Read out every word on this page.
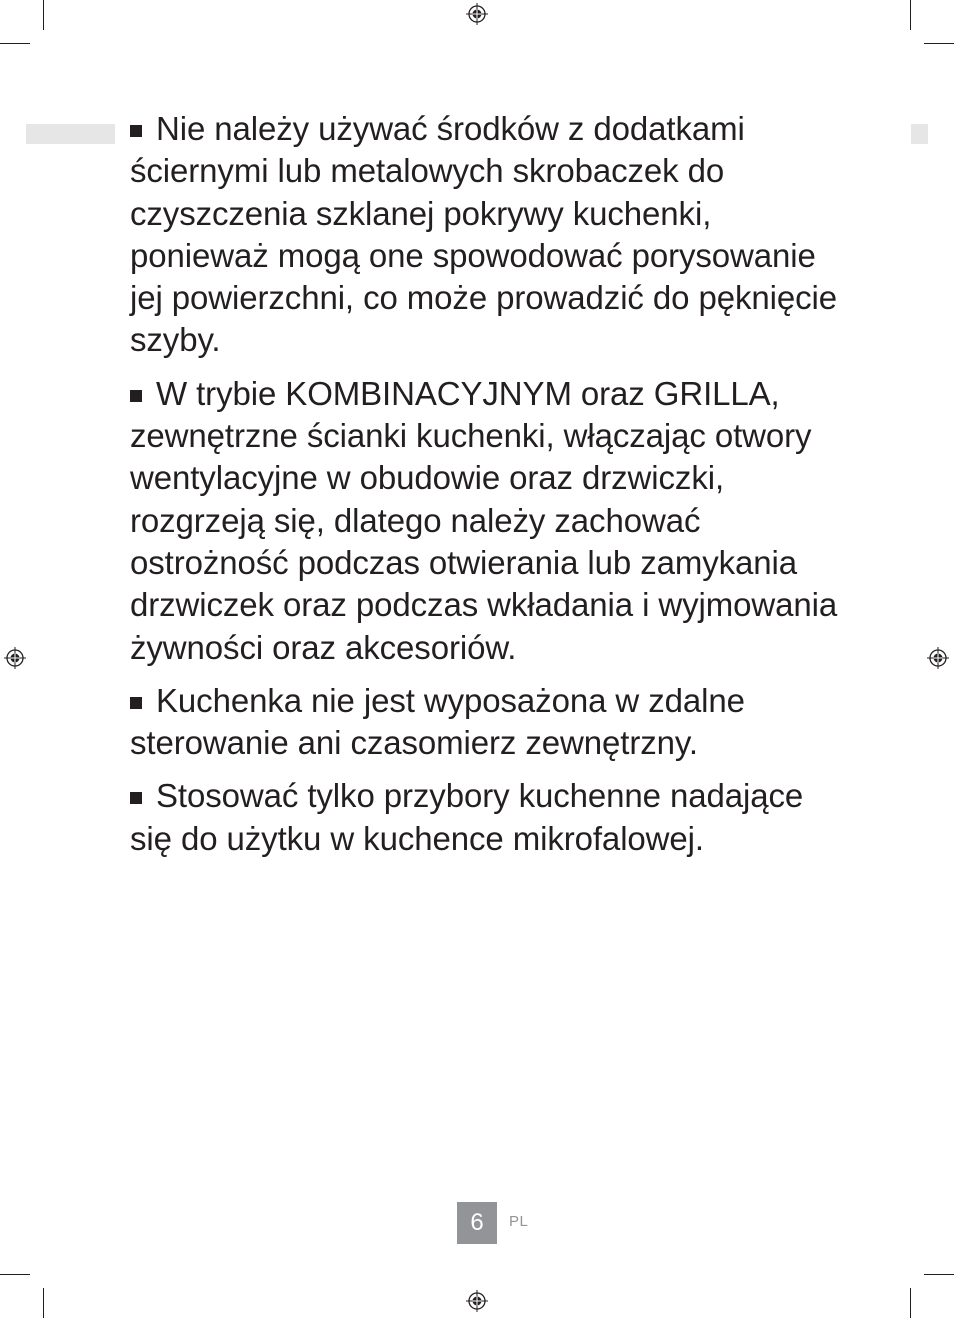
Nie należy używać środków z dodatkami ściernymi lub metalowych skrobaczek do czyszczenia szklanej pokrywy kuchenki, ponieważ mogą one spowodować porysowanie jej powierzchni, co może prowadzić do pęknięcie szyby.

W trybie KOMBINACYJNYM oraz GRILLA, zewnętrzne ścianki kuchenki, włączając otwory wentylacyjne w obudowie oraz drzwiczki, rozgrzeją się, dlatego należy zachować ostrożność podczas otwierania lub zamykania drzwiczek oraz podczas wkładania i wyjmowania żywności oraz akcesoriów.

Kuchenka nie jest wyposażona w zdalne sterowanie ani czasomierz zewnętrzny.

Stosować tylko przybory kuchenne nadające się do użytku w kuchence mikrofalowej.

6	PL
